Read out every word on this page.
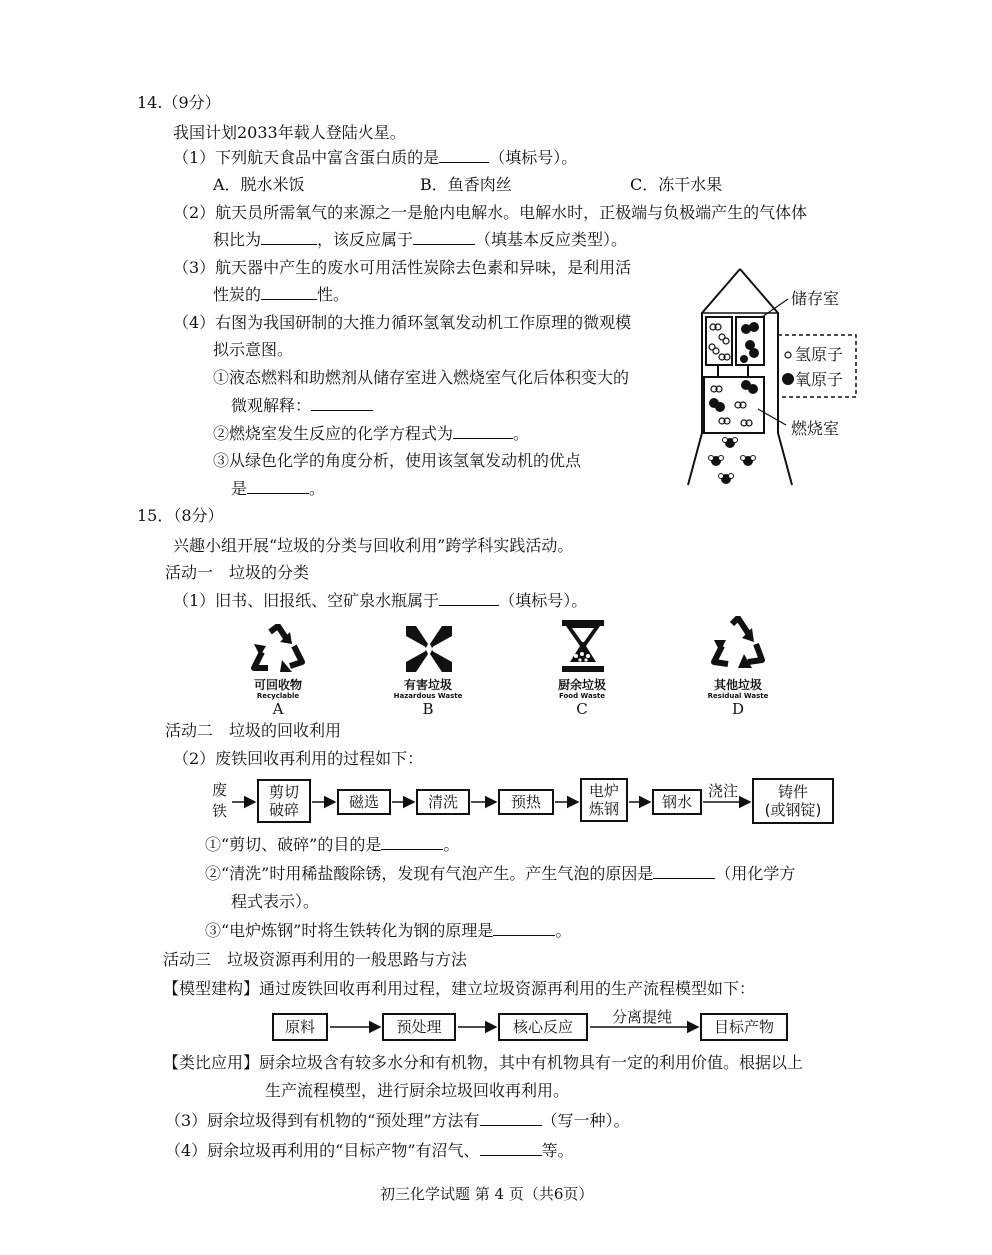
14.（9分）
我国计划2033年载人登陆火星。
（1）下列航天食品中富含蛋白质的是	（填标号）。
A．脱水米饭	B．鱼香肉丝	C．冻干水果
（2）航天员所需氧气的来源之一是舱内电解水。电解水时，正极端与负极端产生的气体体
积比为	，该反应属于	（填基本反应类型）。
（3）航天器中产生的废水可用活性炭除去色素和异味，是利用活
性炭的	性。
（4）右图为我国研制的大推力循环氢氧发动机工作原理的微观模
拟示意图。
①液态燃料和助燃剂从储存室进入燃烧室气化后体积变大的
微观解释：
②燃烧室发生反应的化学方程式为	。
③从绿色化学的角度分析，使用该氢氧发动机的优点
是	。
储存室
氢原子
氧原子
燃烧室
15．（8分）
兴趣小组开展“垃圾的分类与回收利用”跨学科实践活动。
活动一　垃圾的分类
（1）旧书、旧报纸、空矿泉水瓶属于	（填标号）。
可回收物
Recyclable
A
有害垃圾
Hazardous Waste
B
厨余垃圾
Food Waste
C
其他垃圾
Residual Waste
D
活动二　垃圾的回收利用
（2）废铁回收再利用的过程如下：
废
铁
剪切
破碎	磁选	清洗	预热
电炉
炼钢	钢水
浇注	铸件
(或钢锭)
①“剪切、破碎”的目的是	。
②“清洗”时用稀盐酸除锈，发现有气泡产生。产生气泡的原因是	（用化学方
程式表示）。
③“电炉炼钢”时将生铁转化为钢的原理是	。
活动三　垃圾资源再利用的一般思路与方法
【模型建构】通过废铁回收再利用过程，建立垃圾资源再利用的生产流程模型如下：
原料	预处理	核心反应
分离提纯
目标产物
【类比应用】厨余垃圾含有较多水分和有机物，其中有机物具有一定的利用价值。根据以上
生产流程模型，进行厨余垃圾回收再利用。
（3）厨余垃圾得到有机物的“预处理”方法有	（写一种）。
（4）厨余垃圾再利用的“目标产物”有沼气、	等。
初三化学试题 第 4 页（共6页）
